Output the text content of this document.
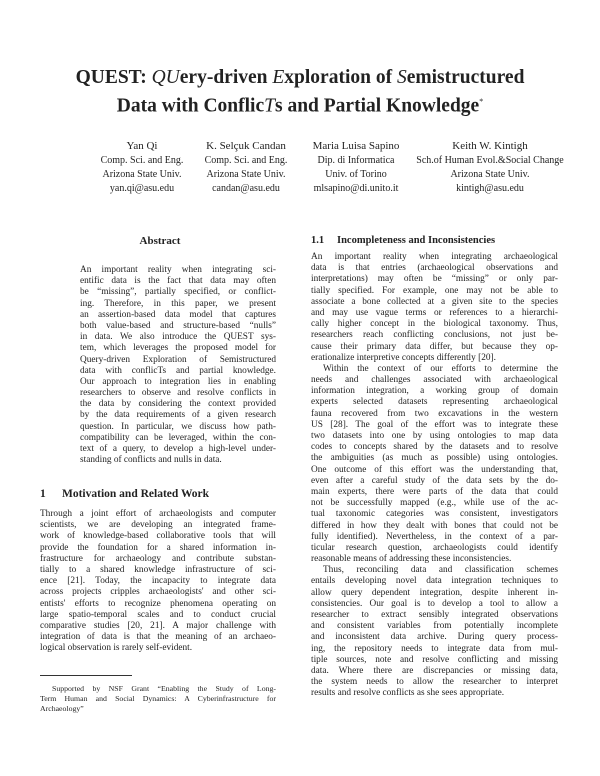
QUEST: QUery-driven Exploration of Semistructured
Data with ConflicTs and Partial Knowledge*
Yan Qi
Comp. Sci. and Eng.
Arizona State Univ.
yan.qi@asu.edu
K. Selçuk Candan
Comp. Sci. and Eng.
Arizona State Univ.
candan@asu.edu
Maria Luisa Sapino
Dip. di Informatica
Univ. of Torino
mlsapino@di.unito.it
Keith W. Kintigh
Sch.of Human Evol.&Social Change
Arizona State Univ.
kintigh@asu.edu
Abstract
An important reality when integrating sci-
entific data is the fact that data may often
be “missing”, partially specified, or conflict-
ing. Therefore, in this paper, we present
an assertion-based data model that captures
both value-based and structure-based “nulls”
in data. We also introduce the QUEST sys-
tem, which leverages the proposed model for
Query-driven Exploration of Semistructured
data with conflicTs and partial knowledge.
Our approach to integration lies in enabling
researchers to observe and resolve conflicts in
the data by considering the context provided
by the data requirements of a given research
question. In particular, we discuss how path-
compatibility can be leveraged, within the con-
text of a query, to develop a high-level under-
standing of conflicts and nulls in data.
1 Motivation and Related Work
Through a joint effort of archaeologists and computer
scientists, we are developing an integrated frame-
work of knowledge-based collaborative tools that will
provide the foundation for a shared information in-
frastructure for archaeology and contribute substan-
tially to a shared knowledge infrastructure of sci-
ence [21]. Today, the incapacity to integrate data
across projects cripples archaeologists' and other sci-
entists' efforts to recognize phenomena operating on
large spatio-temporal scales and to conduct crucial
comparative studies [20, 21]. A major challenge with
integration of data is that the meaning of an archaeo-
logical observation is rarely self-evident.
Supported by NSF Grant “Enabling the Study of Long-
Term Human and Social Dynamics: A Cyberinfrastructure for
Archaeology”
1.1 Incompleteness and Inconsistencies
An important reality when integrating archaeological
data is that entries (archaeological observations and
interpretations) may often be “missing” or only par-
tially specified. For example, one may not be able to
associate a bone collected at a given site to the species
and may use vague terms or references to a hierarchi-
cally higher concept in the biological taxonomy. Thus,
researchers reach conflicting conclusions, not just be-
cause their primary data differ, but because they op-
erationalize interpretive concepts differently [20].
Within the context of our efforts to determine the
needs and challenges associated with archaeological
information integration, a working group of domain
experts selected datasets representing archaeological
fauna recovered from two excavations in the western
US [28]. The goal of the effort was to integrate these
two datasets into one by using ontologies to map data
codes to concepts shared by the datasets and to resolve
the ambiguities (as much as possible) using ontologies.
One outcome of this effort was the understanding that,
even after a careful study of the data sets by the do-
main experts, there were parts of the data that could
not be successfully mapped (e.g., while use of the ac-
tual taxonomic categories was consistent, investigators
differed in how they dealt with bones that could not be
fully identified). Nevertheless, in the context of a par-
ticular research question, archaeologists could identify
reasonable means of addressing these inconsistencies.
Thus, reconciling data and classification schemes
entails developing novel data integration techniques to
allow query dependent integration, despite inherent in-
consistencies. Our goal is to develop a tool to allow a
researcher to extract sensibly integrated observations
and consistent variables from potentially incomplete
and inconsistent data archive. During query process-
ing, the repository needs to integrate data from mul-
tiple sources, note and resolve conflicting and missing
data. Where there are discrepancies or missing data,
the system needs to allow the researcher to interpret
results and resolve conflicts as she sees appropriate.
